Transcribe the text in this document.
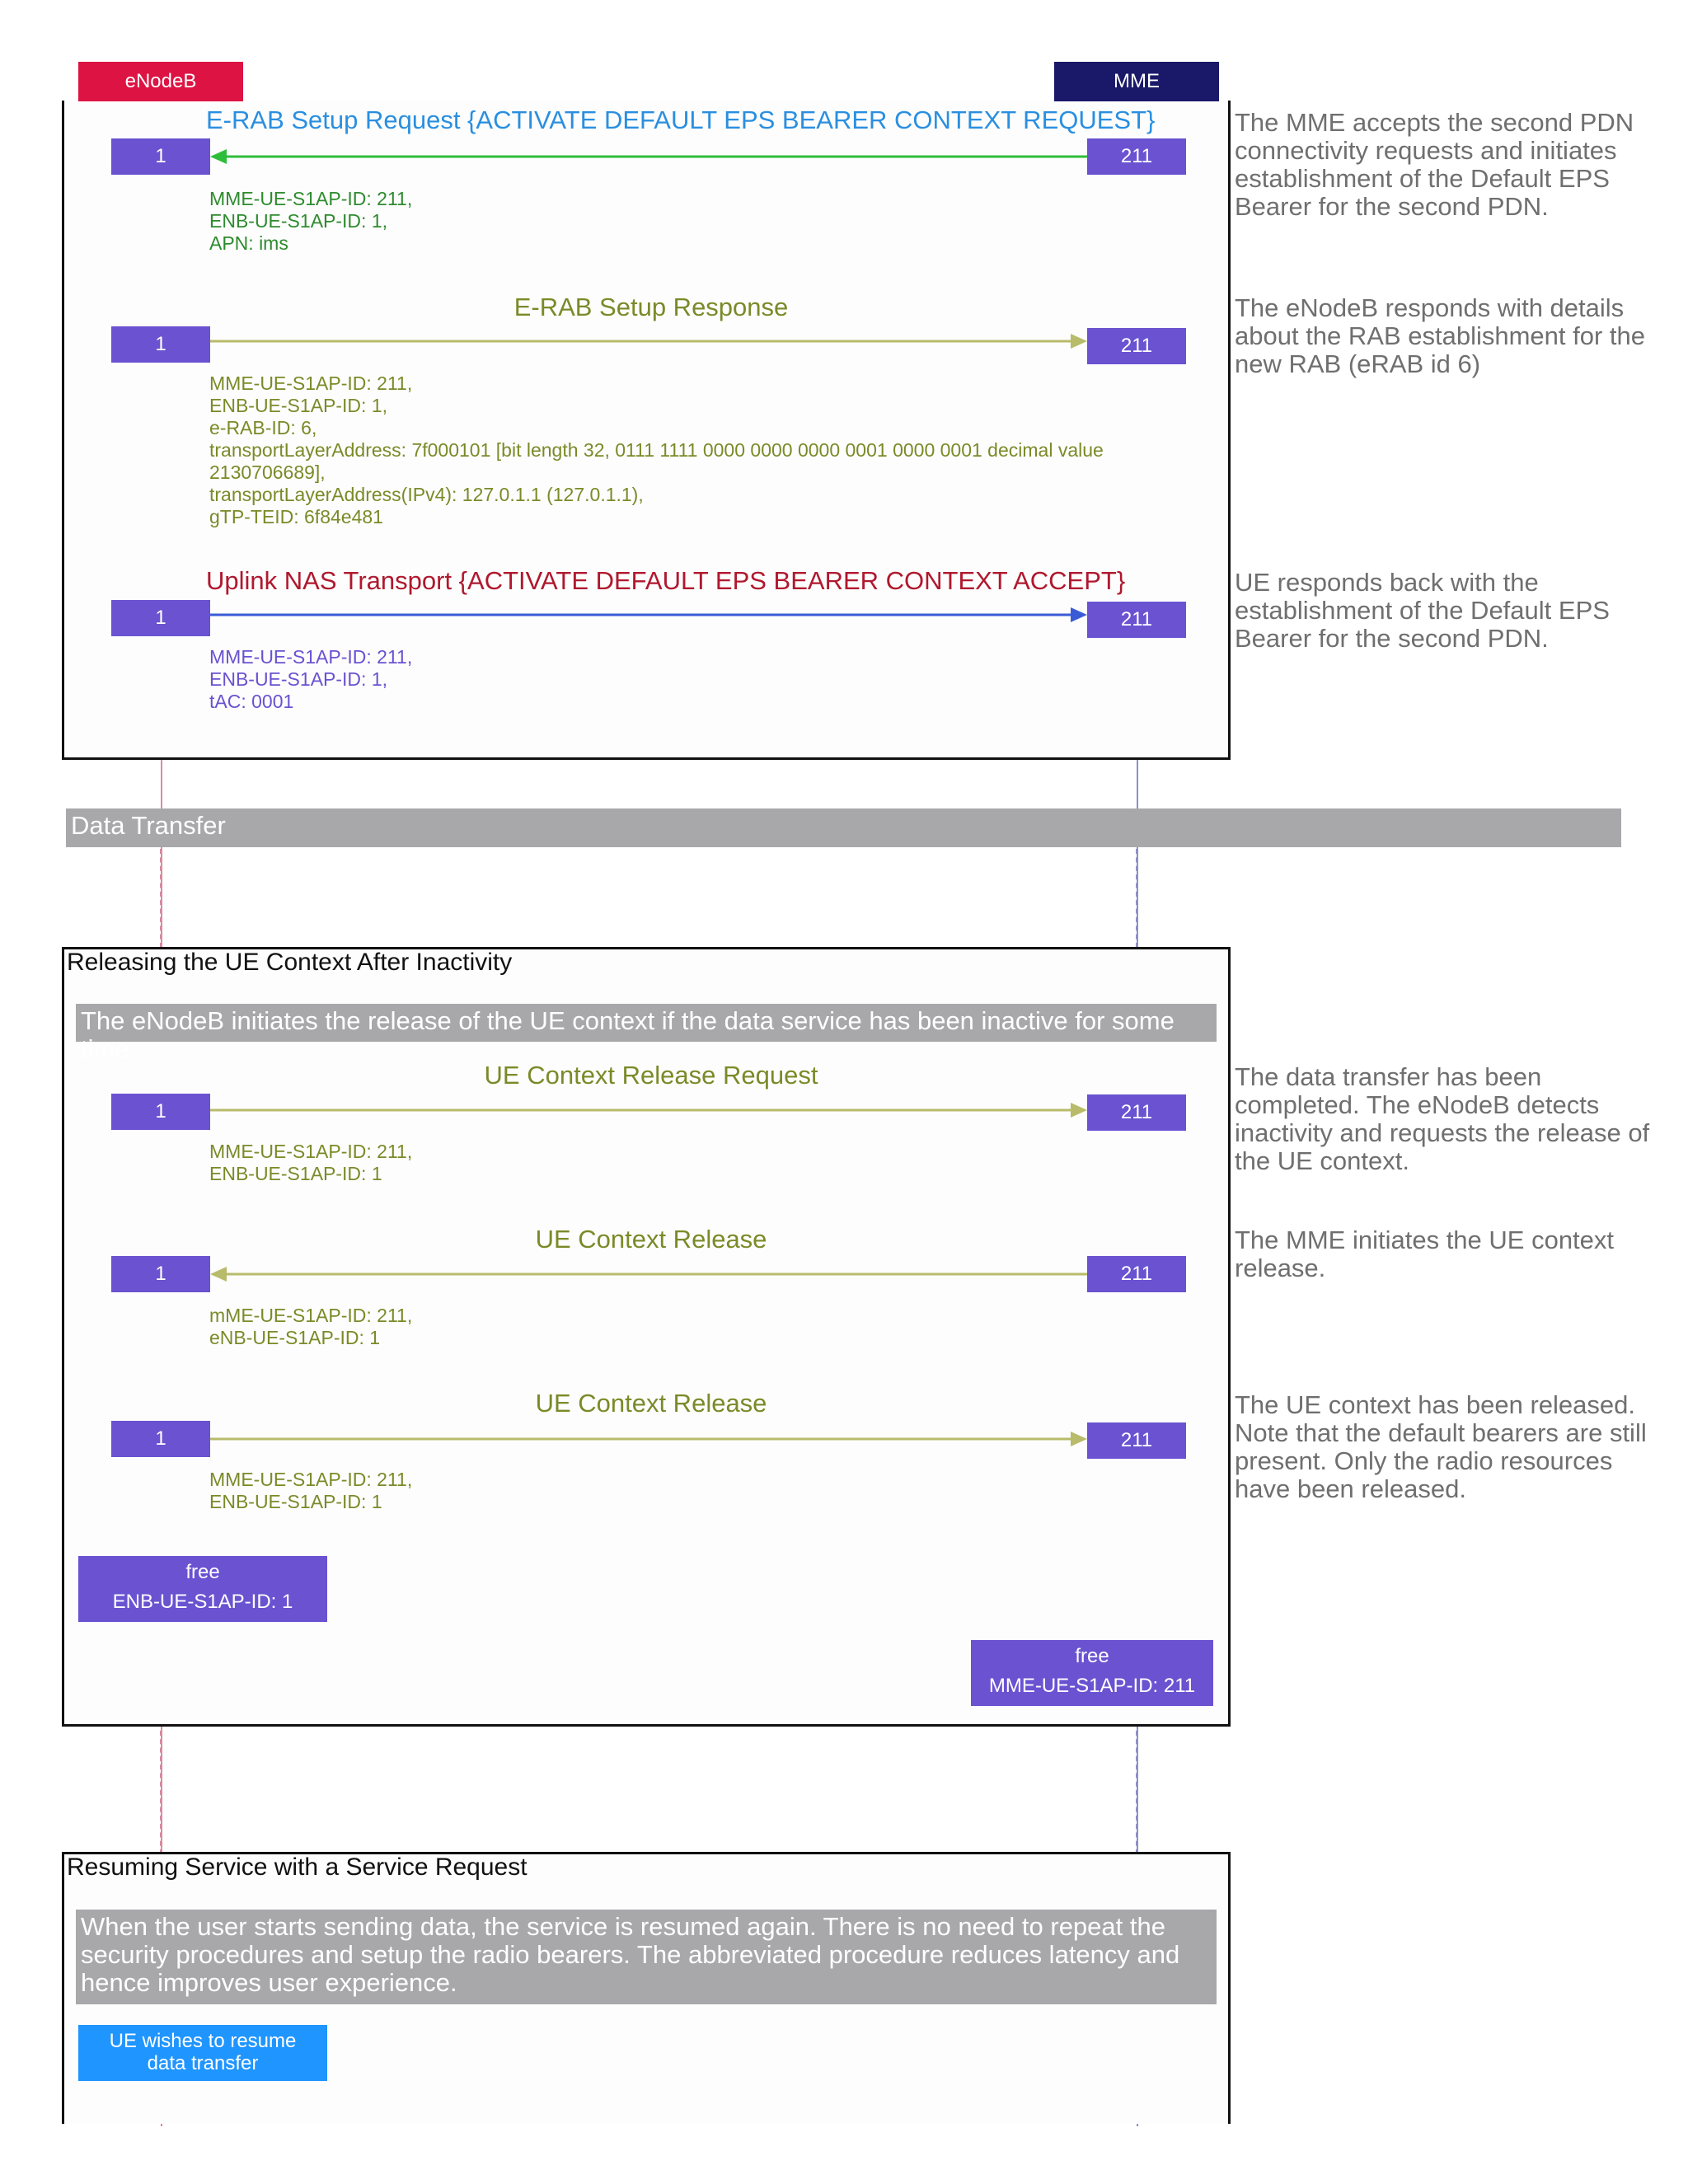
Data Transfer
Releasing the UE Context After Inactivity
The eNodeB initiates the release of the UE context if the data service has been inactive for some time.
Resuming Service with a Service Request
When the user starts sending data, the service is resumed again. There is no need to repeat the security procedures and setup the radio bearers. The abbreviated procedure reduces latency and hence improves user experience.
UE wishes to resume data transfer
eNodeB	MME
E-RAB Setup Request {ACTIVATE DEFAULT EPS BEARER CONTEXT REQUEST}
1	211
MME-UE-S1AP-ID: 211,
ENB-UE-S1AP-ID: 1,
APN: ims
The MME accepts the second PDN connectivity requests and initiates establishment of the Default EPS Bearer for the second PDN.
E-RAB Setup Response
1	211
MME-UE-S1AP-ID: 211,
ENB-UE-S1AP-ID: 1,
e-RAB-ID: 6,
transportLayerAddress: 7f000101 [bit length 32, 0111 1111 0000 0000 0000 0001 0000 0001 decimal value
2130706689],
transportLayerAddress(IPv4): 127.0.1.1 (127.0.1.1),
gTP-TEID: 6f84e481
The eNodeB responds with details about the RAB establishment for the new RAB (eRAB id 6)
Uplink NAS Transport {ACTIVATE DEFAULT EPS BEARER CONTEXT ACCEPT}
1	211
MME-UE-S1AP-ID: 211,
ENB-UE-S1AP-ID: 1,
tAC: 0001
UE responds back with the establishment of the Default EPS Bearer for the second PDN.
UE Context Release Request
1	211
MME-UE-S1AP-ID: 211,
ENB-UE-S1AP-ID: 1
The data transfer has been completed. The eNodeB detects inactivity and requests the release of the UE context.
UE Context Release
1	211
mME-UE-S1AP-ID: 211,
eNB-UE-S1AP-ID: 1
The MME initiates the UE context release.
UE Context Release
1	211
MME-UE-S1AP-ID: 211,
ENB-UE-S1AP-ID: 1
The UE context has been released. Note that the default bearers are still present. Only the radio resources have been released.
free
ENB-UE-S1AP-ID: 1
free
MME-UE-S1AP-ID: 211
